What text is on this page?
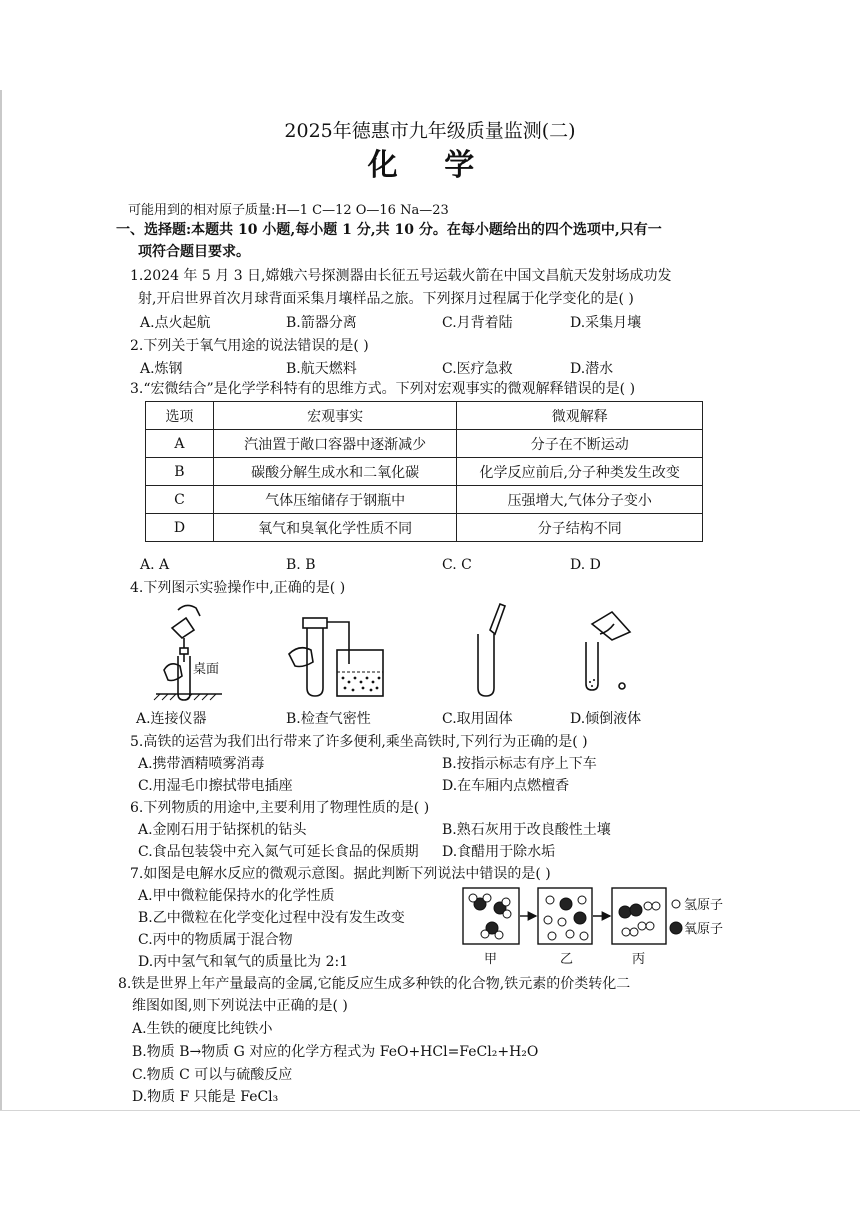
2025年德惠市九年级质量监测(二)
化 学
可能用到的相对原子质量:H—1 C—12 O—16 Na—23
一、选择题:本题共 10 小题,每小题 1 分,共 10 分。在每小题给出的四个选项中,只有一
项符合题目要求。
1.2024 年 5 月 3 日,嫦娥六号探测器由长征五号运载火箭在中国文昌航天发射场成功发
射,开启世界首次月球背面采集月壤样品之旅。下列探月过程属于化学变化的是( )
A.点火起航	B.箭器分离	C.月背着陆	D.采集月壤
2.下列关于氧气用途的说法错误的是( )
A.炼钢	B.航天燃料	C.医疗急救	D.潜水
3.“宏微结合”是化学学科特有的思维方式。下列对宏观事实的微观解释错误的是( )
选项	宏观事实	微观解释
A	汽油置于敞口容器中逐渐减少	分子在不断运动
B	碳酸分解生成水和二氧化碳	化学反应前后,分子种类发生改变
C	气体压缩储存于钢瓶中	压强增大,气体分子变小
D	氧气和臭氧化学性质不同	分子结构不同
A. A	B. B	C. C	D. D
4.下列图示实验操作中,正确的是( )
桌面
A.连接仪器	B.检查气密性	C.取用固体	D.倾倒液体
5.高铁的运营为我们出行带来了许多便利,乘坐高铁时,下列行为正确的是( )
A.携带酒精喷雾消毒	B.按指示标志有序上下车
C.用湿毛巾擦拭带电插座	D.在车厢内点燃檀香
6.下列物质的用途中,主要利用了物理性质的是( )
A.金刚石用于钻探机的钻头	B.熟石灰用于改良酸性土壤
C.食品包装袋中充入氮气可延长食品的保质期 D.食醋用于除水垢
7.如图是电解水反应的微观示意图。据此判断下列说法中错误的是( )
A.甲中微粒能保持水的化学性质
B.乙中微粒在化学变化过程中没有发生改变
C.丙中的物质属于混合物
D.丙中氢气和氧气的质量比为 2:1
氢原子
氧原子
甲	乙	丙
8.铁是世界上年产量最高的金属,它能反应生成多种铁的化合物,铁元素的价类转化二
维图如图,则下列说法中正确的是( )
A.生铁的硬度比纯铁小
B.物质 B→物质 G 对应的化学方程式为 FeO+HCl=FeCl₂+H₂O
C.物质 C 可以与硫酸反应
D.物质 F 只能是 FeCl₃
